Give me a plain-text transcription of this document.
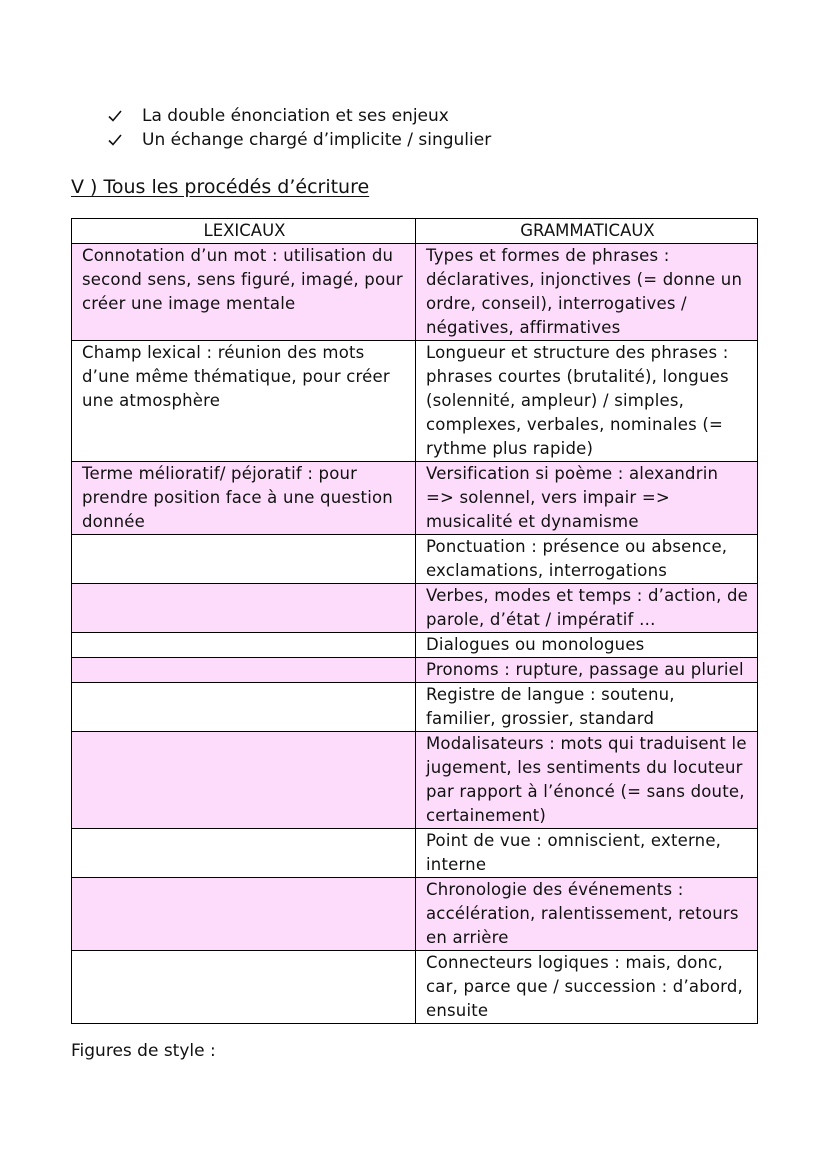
La double énonciation et ses enjeux
Un échange chargé d’implicite / singulier
V ) Tous les procédés d’écriture
LEXICAUX	GRAMMATICAUX
Connotation d’un mot : utilisation du second sens, sens figuré, imagé, pour créer une image mentale	Types et formes de phrases : déclaratives, injonctives (= donne un ordre, conseil), interrogatives / négatives, affirmatives
Champ lexical : réunion des mots d’une même thématique, pour créer une atmosphère	Longueur et structure des phrases : phrases courtes (brutalité), longues (solennité, ampleur) / simples, complexes, verbales, nominales (= rythme plus rapide)
Terme mélioratif/ péjoratif : pour prendre position face à une question donnée	Versification si poème : alexandrin => solennel, vers impair => musicalité et dynamisme
	Ponctuation : présence ou absence, exclamations, interrogations
	Verbes, modes et temps : d’action, de parole, d’état / impératif …
	Dialogues ou monologues
	Pronoms : rupture, passage au pluriel
	Registre de langue : soutenu, familier, grossier, standard
	Modalisateurs : mots qui traduisent le jugement, les sentiments du locuteur par rapport à l’énoncé (= sans doute, certainement)
	Point de vue : omniscient, externe, interne
	Chronologie des événements : accélération, ralentissement, retours en arrière
	Connecteurs logiques : mais, donc, car, parce que / succession : d’abord, ensuite

Figures de style :
